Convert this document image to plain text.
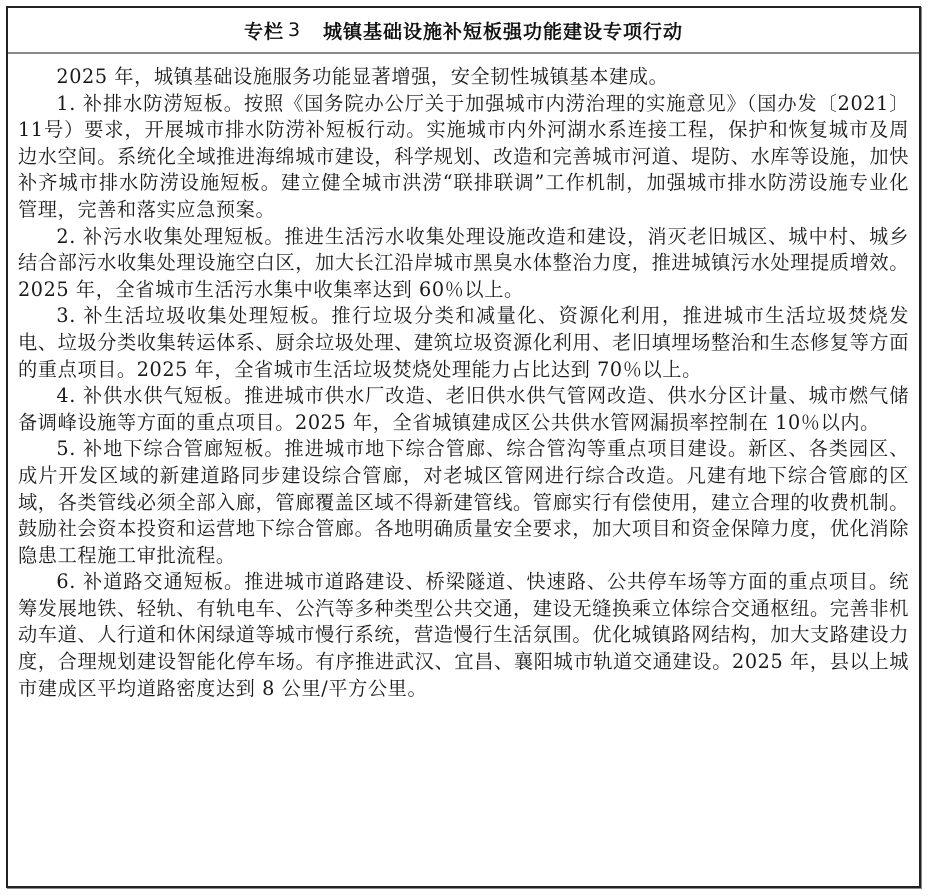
专栏 3 城镇基础设施补短板强功能建设专项行动

2025 年，城镇基础设施服务功能显著增强，安全韧性城镇基本建成。

1. 补排水防涝短板。按照《国务院办公厅关于加强城市内涝治理的实施意见》（国办发〔2021〕11号）要求，开展城市排水防涝补短板行动。实施城市内外河湖水系连接工程，保护和恢复城市及周边水空间。系统化全域推进海绵城市建设，科学规划、改造和完善城市河道、堤防、水库等设施，加快补齐城市排水防涝设施短板。建立健全城市洪涝“联排联调”工作机制，加强城市排水防涝设施专业化管理，完善和落实应急预案。

2. 补污水收集处理短板。推进生活污水收集处理设施改造和建设，消灭老旧城区、城中村、城乡结合部污水收集处理设施空白区，加大长江沿岸城市黑臭水体整治力度，推进城镇污水处理提质增效。2025 年，全省城市生活污水集中收集率达到 60％以上。

3. 补生活垃圾收集处理短板。推行垃圾分类和减量化、资源化利用，推进城市生活垃圾焚烧发电、垃圾分类收集转运体系、厨余垃圾处理、建筑垃圾资源化利用、老旧填埋场整治和生态修复等方面的重点项目。2025 年，全省城市生活垃圾焚烧处理能力占比达到 70％以上。

4. 补供水供气短板。推进城市供水厂改造、老旧供水供气管网改造、供水分区计量、城市燃气储备调峰设施等方面的重点项目。2025 年，全省城镇建成区公共供水管网漏损率控制在 10％以内。

5. 补地下综合管廊短板。推进城市地下综合管廊、综合管沟等重点项目建设。新区、各类园区、成片开发区域的新建道路同步建设综合管廊，对老城区管网进行综合改造。凡建有地下综合管廊的区域，各类管线必须全部入廊，管廊覆盖区域不得新建管线。管廊实行有偿使用，建立合理的收费机制。鼓励社会资本投资和运营地下综合管廊。各地明确质量安全要求，加大项目和资金保障力度，优化消除隐患工程施工审批流程。

6. 补道路交通短板。推进城市道路建设、桥梁隧道、快速路、公共停车场等方面的重点项目。统筹发展地铁、轻轨、有轨电车、公汽等多种类型公共交通，建设无缝换乘立体综合交通枢纽。完善非机动车道、人行道和休闲绿道等城市慢行系统，营造慢行生活氛围。优化城镇路网结构，加大支路建设力度，合理规划建设智能化停车场。有序推进武汉、宜昌、襄阳城市轨道交通建设。2025 年，县以上城市建成区平均道路密度达到 8 公里/平方公里。
